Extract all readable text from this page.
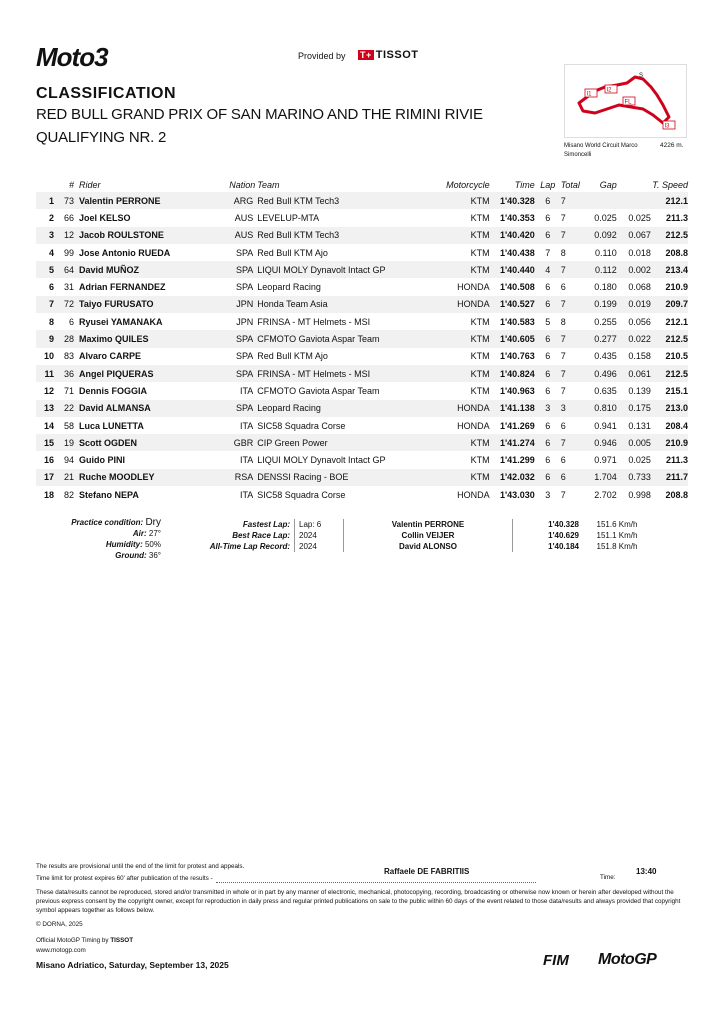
Moto3	Provided by T+ TISSOT
CLASSIFICATION
RED BULL GRAND PRIX OF SAN MARINO AND THE RIMINI RIVIE
QUALIFYING NR. 2
I1
I2
FL
I3
S
Misano World Circuit Marco Simoncelli
4226 m.
	#	Rider	Nation	Team	Motorcycle	Time	Lap	Total	Gap		T. Speed
1	73	Valentin PERRONE	ARG	Red Bull KTM Tech3	KTM	1'40.328	6	7			212.1
2	66	Joel KELSO	AUS	LEVELUP-MTA	KTM	1'40.353	6	7	0.025	0.025	211.3
3	12	Jacob ROULSTONE	AUS	Red Bull KTM Tech3	KTM	1'40.420	6	7	0.092	0.067	212.5
4	99	Jose Antonio RUEDA	SPA	Red Bull KTM Ajo	KTM	1'40.438	7	8	0.110	0.018	208.8
5	64	David MUÑOZ	SPA	LIQUI MOLY Dynavolt Intact GP	KTM	1'40.440	4	7	0.112	0.002	213.4
6	31	Adrian FERNANDEZ	SPA	Leopard Racing	HONDA	1'40.508	6	6	0.180	0.068	210.9
7	72	Taiyo FURUSATO	JPN	Honda Team Asia	HONDA	1'40.527	6	7	0.199	0.019	209.7
8	6	Ryusei YAMANAKA	JPN	FRINSA - MT Helmets - MSI	KTM	1'40.583	5	8	0.255	0.056	212.1
9	28	Maximo QUILES	SPA	CFMOTO Gaviota Aspar Team	KTM	1'40.605	6	7	0.277	0.022	212.5
10	83	Alvaro CARPE	SPA	Red Bull KTM Ajo	KTM	1'40.763	6	7	0.435	0.158	210.5
11	36	Angel PIQUERAS	SPA	FRINSA - MT Helmets - MSI	KTM	1'40.824	6	7	0.496	0.061	212.5
12	71	Dennis FOGGIA	ITA	CFMOTO Gaviota Aspar Team	KTM	1'40.963	6	7	0.635	0.139	215.1
13	22	David ALMANSA	SPA	Leopard Racing	HONDA	1'41.138	3	3	0.810	0.175	213.0
14	58	Luca LUNETTA	ITA	SIC58 Squadra Corse	HONDA	1'41.269	6	6	0.941	0.131	208.4
15	19	Scott OGDEN	GBR	CIP Green Power	KTM	1'41.274	6	7	0.946	0.005	210.9
16	94	Guido PINI	ITA	LIQUI MOLY Dynavolt Intact GP	KTM	1'41.299	6	6	0.971	0.025	211.3
17	21	Ruche MOODLEY	RSA	DENSSI Racing - BOE	KTM	1'42.032	6	6	1.704	0.733	211.7
18	82	Stefano NEPA	ITA	SIC58 Squadra Corse	HONDA	1'43.030	3	7	2.702	0.998	208.8
Practice condition: Dry
Air: 27°
Humidity: 50%
Ground: 36°
Fastest Lap:	Lap: 6	Valentin PERRONE	1'40.328	151.6 Km/h
Best Race Lap:	2024	Collin VEIJER	1'40.629	151.1 Km/h
All-Time Lap Record:	2024	David ALONSO	1'40.184	151.8 Km/h
The results are provisional until the end of the limit for protest and appeals.
Time limit for protest expires 60' after publication of the results -
Raffaele DE FABRITIIS
Time:
13:40
These data/results cannot be reproduced, stored and/or transmitted in whole or in part by any manner of electronic, mechanical, photocopying, recording, broadcasting or otherwise now known or herein after developed without the previous express consent by the copyright owner, except for reproduction in daily press and regular printed publications on sale to the public within 60 days of the event related to those data/results and always provided that copyright symbol appears together as follows below.
© DORNA, 2025
Official MotoGP Timing by TISSOT
www.motogp.com
Misano Adriatico, Saturday, September 13, 2025	FIM MotoGP
